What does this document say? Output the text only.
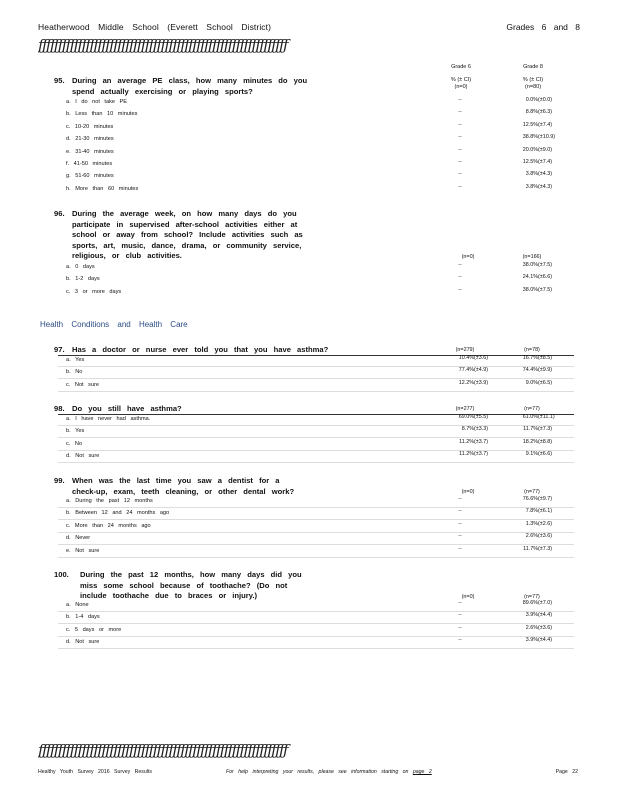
Heatherwood Middle School (Everett School District)	Grades 6 and 8
ƒƒƒƒƒƒƒƒƒƒƒƒƒƒƒƒƒƒƒƒƒƒƒƒƒƒƒƒƒƒƒƒƒƒƒƒƒƒƒƒƒƒƒƒƒƒƒƒƒƒƒƒƒƒƒƒƒƒƒƒƒƒƒ
Grade 6
% (± CI)
(n=0)
Grade 8
% (± CI)
(n=80)
95. During an average PE class, how many minutes do you spend actually exercising or playing sports?
96. During the average week, on how many days do you participate in supervised after-school activities either at school or away from school? Include activities such as sports, art, music, dance, drama, or community service, religious, or club activities.	(n=0)	(n=166)
Health Conditions and Health Care
97. Has a doctor or nurse ever told you that you have asthma?	(n=279)	(n=78)
98. Do you still have asthma?	(n=277)	(n=77)
99. When was the last time you saw a dentist for a check-up, exam, teeth cleaning, or other dental work?	(n=0)	(n=77)
100.	During the past 12 months, how many days did you miss some school because of toothache? (Do not include toothache due to braces or injury.)	(n=0)	(n=77)
ƒƒƒƒƒƒƒƒƒƒƒƒƒƒƒƒƒƒƒƒƒƒƒƒƒƒƒƒƒƒƒƒƒƒƒƒƒƒƒƒƒƒƒƒƒƒƒƒƒƒƒƒƒƒƒƒƒƒƒƒƒƒƒ
Healthy Youth Survey 2016 Survey Results	For help interpreting your results, please see information starting on page 2	Page 22
a. I do not take PE	--	0.0% (±0.0)
b. Less than 10 minutes	--	8.8% (±6.3)
c. 10-20 minutes	--	12.5% (±7.4)
d. 21-30 minutes	--	38.8% (±10.9)
e. 31-40 minutes	--	20.0% (±9.0)
f. 41-50 minutes	--	12.5% (±7.4)
g. 51-60 minutes	--	3.8% (±4.3)
h. More than 60 minutes	--	3.8% (±4.3)
a. 0 days	--	38.0% (±7.5)
b. 1-2 days	--	24.1% (±6.6)
c. 3 or more days	--	38.0% (±7.5)
a. Yes	10.4% (±3.6)	16.7% (±8.5)
b. No	77.4% (±4.9)	74.4% (±9.9)
c. Not sure	12.2% (±3.9)	9.0% (±6.5)
a. I have never had asthma.	69.0% (±5.5)	61.0% (±11.1)
b. Yes	8.7% (±3.3)	11.7% (±7.3)
c. No	11.2% (±3.7)	18.2% (±8.8)
d. Not sure	11.2% (±3.7)	9.1% (±6.6)
a. During the past 12 months	--	76.6% (±9.7)
b. Between 12 and 24 months ago	--	7.8% (±6.1)
c. More than 24 months ago	--	1.3% (±2.6)
d. Never	--	2.6% (±3.6)
e. Not sure	--	11.7% (±7.3)
a. None	--	89.6% (±7.0)
b. 1-4 days	--	3.9% (±4.4)
c. 5 days or more	--	2.6% (±3.6)
d. Not sure	--	3.9% (±4.4)
